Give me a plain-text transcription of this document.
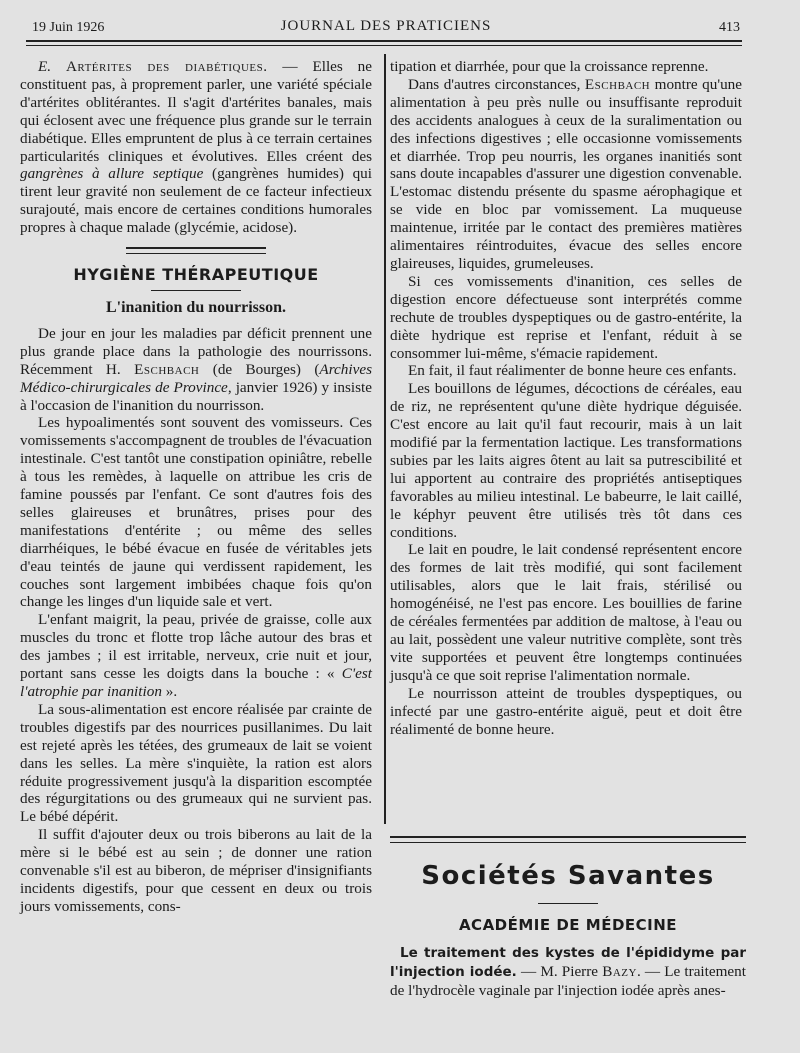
19 Juin 1926	JOURNAL DES PRATICIENS	413

E. Artérites des diabétiques. — Elles ne constituent pas, à proprement parler, une variété spéciale d'artérites oblitérantes. Il s'agit d'artérites banales, mais qui éclosent avec une fréquence plus grande sur le terrain diabétique. Elles empruntent de plus à ce terrain certaines particularités cliniques et évolutives. Elles créent des gangrènes à allure septique (gangrènes humides) qui tirent leur gravité non seulement de ce facteur infectieux surajouté, mais encore de certaines conditions humorales propres à chaque malade (glycémie, acidose).

HYGIÈNE THÉRAPEUTIQUE
L'inanition du nourrisson.

De jour en jour les maladies par déficit prennent une plus grande place dans la pathologie des nourrissons. Récemment H. Eschbach (de Bourges) (Archives Médico-chirurgicales de Province, janvier 1926) y insiste à l'occasion de l'inanition du nourrisson.

Les hypoalimentés sont souvent des vomisseurs. Ces vomissements s'accompagnent de troubles de l'évacuation intestinale. C'est tantôt une constipation opiniâtre, rebelle à tous les remèdes, à laquelle on attribue les cris de famine poussés par l'enfant. Ce sont d'autres fois des selles glaireuses et brunâtres, prises pour des manifestations d'entérite ; ou même des selles diarrhéiques, le bébé évacue en fusée de véritables jets d'eau teintés de jaune qui verdissent rapidement, les couches sont largement imbibées chaque fois qu'on change les linges d'un liquide sale et vert.

L'enfant maigrit, la peau, privée de graisse, colle aux muscles du tronc et flotte trop lâche autour des bras et des jambes ; il est irritable, nerveux, crie nuit et jour, portant sans cesse les doigts dans la bouche : « C'est l'atrophie par inanition ».

La sous-alimentation est encore réalisée par crainte de troubles digestifs par des nourrices pusillanimes. Du lait est rejeté après les tétées, des grumeaux de lait se voient dans les selles. La mère s'inquiète, la ration est alors réduite progressivement jusqu'à la disparition escomptée des régurgitations ou des grumeaux qui ne survient pas. Le bébé dépérit.

Il suffit d'ajouter deux ou trois biberons au lait de la mère si le bébé est au sein ; de donner une ration convenable s'il est au biberon, de mépriser d'insignifiants incidents digestifs, pour que cessent en deux ou trois jours vomissements, cons-

tipation et diarrhée, pour que la croissance reprenne.

Dans d'autres circonstances, Eschbach montre qu'une alimentation à peu près nulle ou insuffisante reproduit des accidents analogues à ceux de la suralimentation ou des infections digestives ; elle occasionne vomissements et diarrhée. Trop peu nourris, les organes inanitiés sont sans doute incapables d'assurer une digestion convenable. L'estomac distendu présente du spasme aérophagique et se vide en bloc par vomissement. La muqueuse maintenue, irritée par le contact des premières matières alimentaires réintroduites, évacue des selles encore glaireuses, liquides, grumeleuses.

Si ces vomissements d'inanition, ces selles de digestion encore défectueuse sont interprétés comme rechute de troubles dyspeptiques ou de gastro-entérite, la diète hydrique est reprise et l'enfant, réduit à se consommer lui-même, s'émacie rapidement.

En fait, il faut réalimenter de bonne heure ces enfants.

Les bouillons de légumes, décoctions de céréales, eau de riz, ne représentent qu'une diète hydrique déguisée. C'est encore au lait qu'il faut recourir, mais à un lait modifié par la fermentation lactique. Les transformations subies par les laits aigres ôtent au lait sa putrescibilité et lui apportent au contraire des propriétés antiseptiques favorables au milieu intestinal. Le babeurre, le lait caillé, le képhyr peuvent être utilisés très tôt dans ces conditions.

Le lait en poudre, le lait condensé représentent encore des formes de lait très modifié, qui sont facilement utilisables, alors que le lait frais, stérilisé ou homogénéisé, ne l'est pas encore. Les bouillies de farine de céréales fermentées par addition de maltose, à l'eau ou au lait, possèdent une valeur nutritive complète, sont très vite supportées et peuvent être longtemps continuées jusqu'à ce que soit reprise l'alimentation normale.

Le nourrisson atteint de troubles dyspeptiques, ou infecté par une gastro-entérite aiguë, peut et doit être réalimenté de bonne heure.

Sociétés Savantes
ACADÉMIE DE MÉDECINE

Le traitement des kystes de l'épididyme par l'injection iodée. — M. Pierre Bazy. — Le traitement de l'hydrocèle vaginale par l'injection iodée après anes-
